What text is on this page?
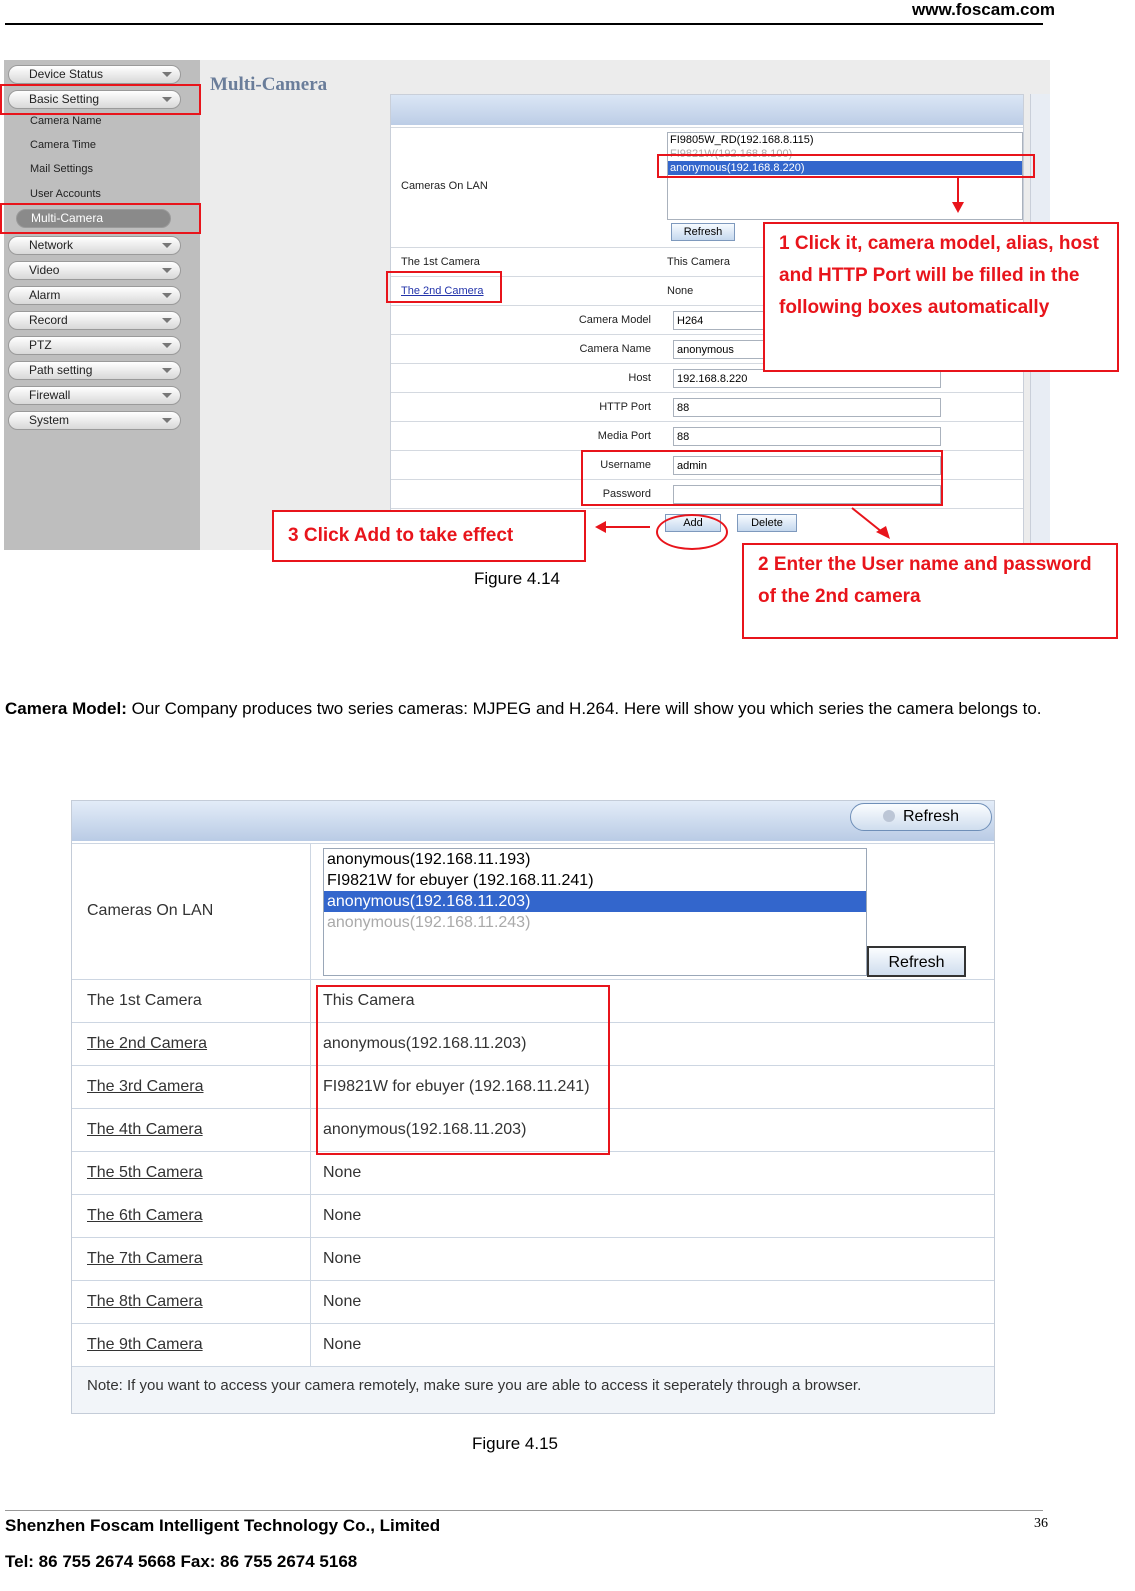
www.foscam.com
Device Status
Basic Setting
Camera Name
Camera Time
Mail Settings
User Accounts
Multi-Camera
Network
Video
Alarm
Record
PTZ
Path setting
Firewall
System
Multi-Camera
Cameras On LAN
FI9805W_RD(192.168.8.115)
FI9821W(192.168.8.100)
anonymous(192.168.8.220)
Refresh
The 1st Camera	This Camera
The 2nd Camera	None
Camera Model	H264
Camera Name	anonymous
Host	192.168.8.220
HTTP Port	88
Media Port	88
Username	admin
Password
Add	Delete
1 Click it, camera model, alias, host and HTTP Port will be filled in the following boxes automatically
2 Enter the User name and password of the 2nd camera
3 Click Add to take effect
Figure 4.14
Camera Model: Our Company produces two series cameras: MJPEG and H.264. Here will show you which series the camera belongs to.
Refresh
Cameras On LAN
anonymous(192.168.11.193)
FI9821W for ebuyer (192.168.11.241)
anonymous(192.168.11.203)
anonymous(192.168.11.243)
Refresh
The 1st Camera	This Camera
The 2nd Camera	anonymous(192.168.11.203)
The 3rd Camera	FI9821W for ebuyer (192.168.11.241)
The 4th Camera	anonymous(192.168.11.203)
The 5th Camera	None
The 6th Camera	None
The 7th Camera	None
The 8th Camera	None
The 9th Camera	None
Note: If you want to access your camera remotely, make sure you are able to access it seperately through a browser.
Figure 4.15
Shenzhen Foscam Intelligent Technology Co., Limited
Tel: 86 755 2674 5668 Fax: 86 755 2674 5168
36
